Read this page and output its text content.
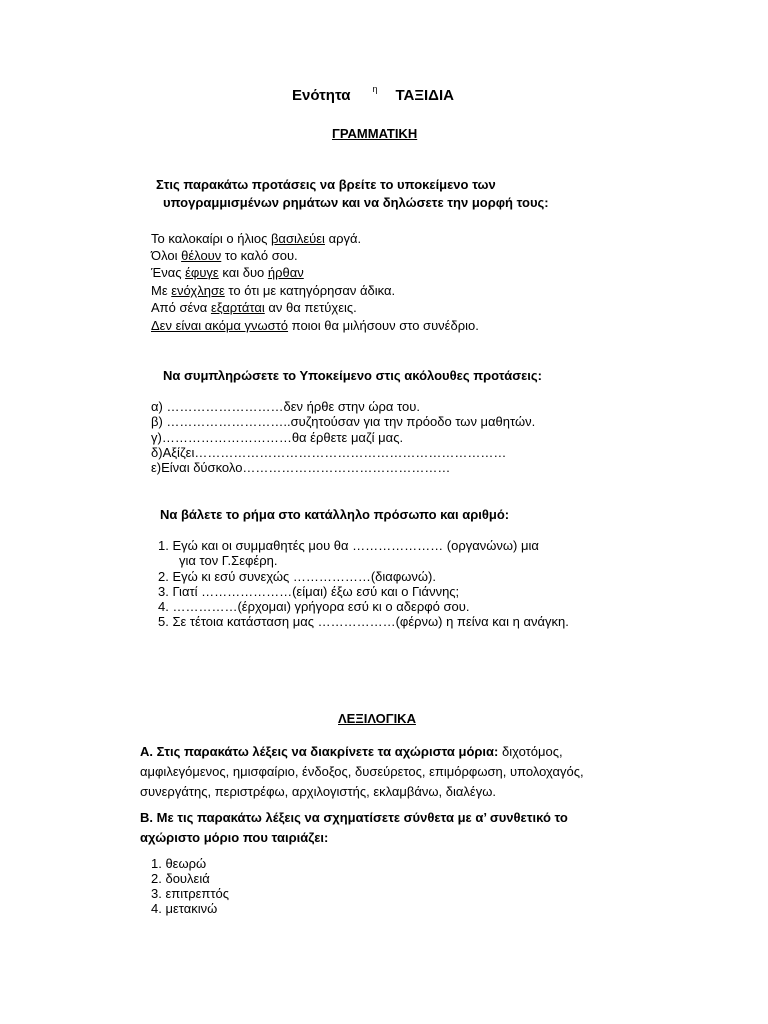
Ενότητα $^\eta$ ΤΑΞΙΔΙΑ
ΓΡΑΜΜΑΤΙΚΗ
Στις παρακάτω προτάσεις να βρείτε το υποκείμενο των
υπογραμμισμένων ρημάτων και να δηλώσετε την μορφή τους:
Το καλοκαίρι ο ήλιος βασιλεύει αργά.
Όλοι θέλουν το καλό σου.
Ένας έφυγε και δυο ήρθαν
Με ενόχλησε το ότι με κατηγόρησαν άδικα.
Από σένα εξαρτάται αν θα πετύχεις.
Δεν είναι ακόμα γνωστό ποιοι θα μιλήσουν στο συνέδριο.
Να συμπληρώσετε το Υποκείμενο στις ακόλουθες προτάσεις:
α) ………………………δεν ήρθε στην ώρα του.
β) ………………………..συζητούσαν για την πρόοδο των μαθητών.
γ)…………………………θα έρθετε μαζί μας.
δ)Αξίζει………………………………………………………………
ε)Είναι δύσκολο…………………………………………
Να βάλετε το ρήμα στο κατάλληλο πρόσωπο και αριθμό:
1. Εγώ και οι συμμαθητές μου θα ………………… (οργανώνω) μια
για τον Γ.Σεφέρη.
2. Εγώ κι εσύ συνεχώς ………………(διαφωνώ).
3. Γιατί …………………(είμαι) έξω εσύ και ο Γιάννης;
4. ……………(έρχομαι) γρήγορα εσύ κι ο αδερφό σου.
5. Σε τέτοια κατάσταση μας ………………(φέρνω) η πείνα και η ανάγκη.
ΛΕΞΙΛΟΓΙΚΑ
Α. Στις παρακάτω λέξεις να διακρίνετε τα αχώριστα μόρια: διχοτόμος, αμφιλεγόμενος, ημισφαίριο, ένδοξος, δυσεύρετος, επιμόρφωση, υπολοχαγός, συνεργάτης, περιστρέφω, αρχιλογιστής, εκλαμβάνω, διαλέγω.
Β. Με τις παρακάτω λέξεις να σχηματίσετε σύνθετα με α’ συνθετικό το αχώριστο μόριο που ταιριάζει:
1. θεωρώ
2. δουλειά
3. επιτρεπτός
4. μετακινώ
